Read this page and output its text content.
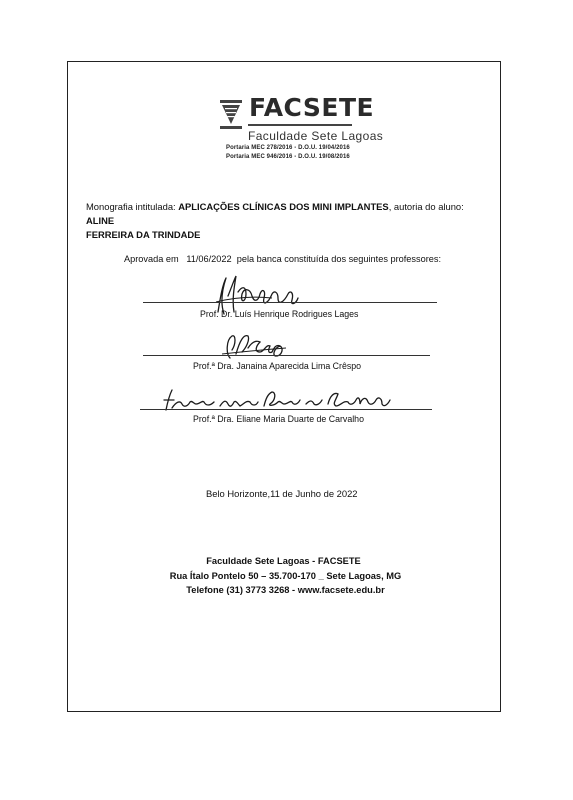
FACSETE
Faculdade Sete Lagoas
Portaria MEC 278/2016 - D.O.U. 19/04/2016
Portaria MEC 946/2016 - D.O.U. 19/08/2016
Monografia intitulada: APLICAÇÕES CLÍNICAS DOS MINI IMPLANTES, autoria do aluno: ALINE
FERREIRA DA TRINDADE
Aprovada em   11/06/2022  pela banca constituída dos seguintes professores:
Prof. Dr. Luís Henrique Rodrigues Lages
Prof.ª Dra. Janaina Aparecida Lima Crêspo
Prof.ª Dra. Eliane Maria Duarte de Carvalho
Belo Horizonte,11 de Junho de 2022
Faculdade Sete Lagoas - FACSETE
Rua Ítalo Pontelo 50 – 35.700-170 _ Sete Lagoas, MG
Telefone (31) 3773 3268 - www.facsete.edu.br
